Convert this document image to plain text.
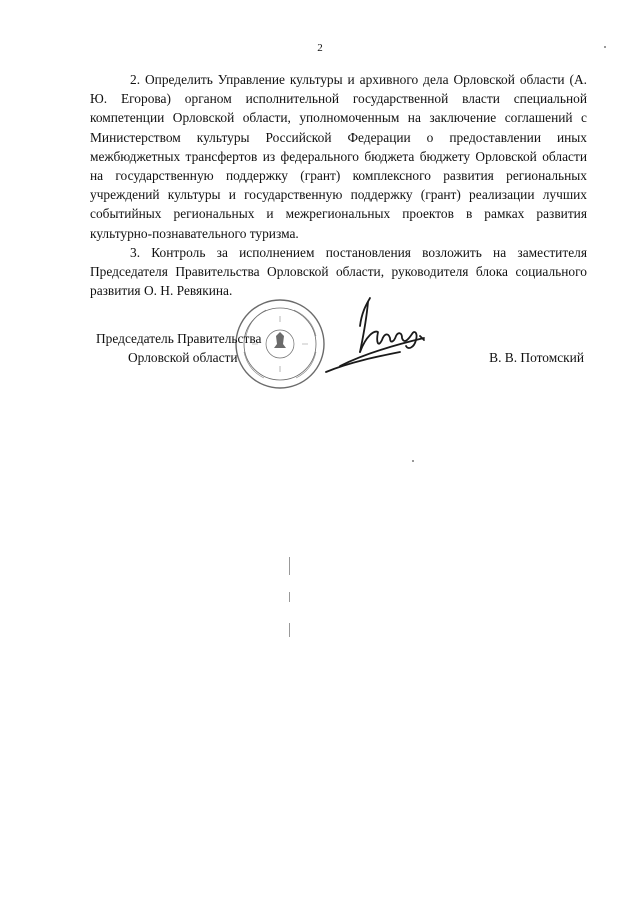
2

2. Определить Управление культуры и архивного дела Орловской области (А. Ю. Егорова) органом исполнительной государственной власти специальной компетенции Орловской области, уполномоченным на заключение соглашений с Министерством культуры Российской Федерации о предоставлении иных межбюджетных трансфертов из федерального бюджета бюджету Орловской области на государственную поддержку (грант) комплексного развития региональных учреждений культуры и государственную поддержку (грант) реализации лучших событийных региональных и межрегиональных проектов в рамках развития культурно-познавательного туризма.

3. Контроль за исполнением постановления возложить на заместителя Председателя Правительства Орловской области, руководителя блока социального развития О. Н. Ревякина.

Председатель Правительства
Орловской области	В. В. Потомский
